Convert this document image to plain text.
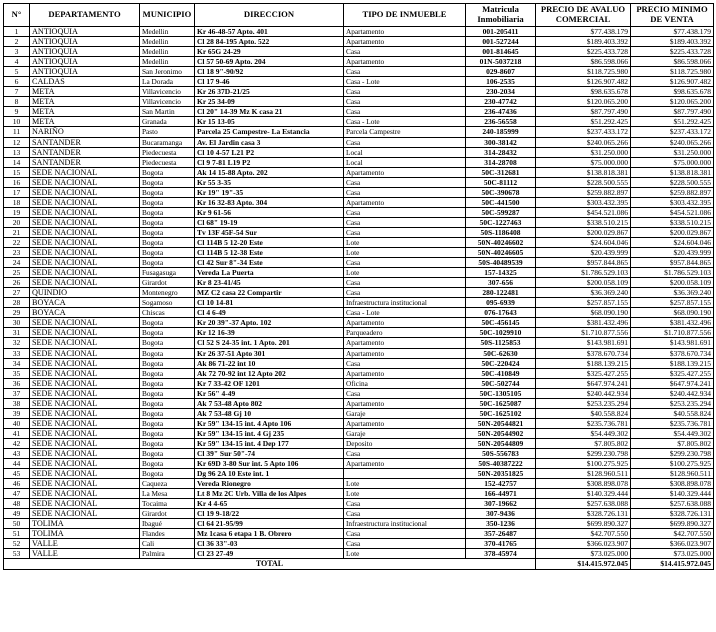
N°	DEPARTAMENTO	MUNICIPIO	DIRECCION	TIPO DE INMUEBLE	Matricula Inmobiliaria	PRECIO DE AVALUO COMERCIAL	PRECIO MINIMO DE VENTA
1	ANTIOQUIA	Medellin	Kr 46-48-57 Apto. 401	Apartamento	001-205411	$77.438.179	$77.438.179
2	ANTIOQUIA	Medellin	Cl 28 84-195 Apto. 522	Apartamento	001-527244	$189.403.392	$189.403.392
3	ANTIOQUIA	Medellin	Kr 65G 24-29	Casa	001-814645	$225.433.728	$225.433.728
4	ANTIOQUIA	Medellin	Cl 57 50-69 Apto. 204	Apartamento	01N-5037218	$86.598.066	$86.598.066
5	ANTIOQUIA	San Jeronimo	Cl 18 9"-90/92	Casa	029-8607	$118.725.980	$118.725.980
6	CALDAS	La Dorada	Cl 17 9-46	Casa - Lote	106-2535	$126.907.482	$126.907.482
7	META	Villavicencio	Kr 26 37D-21/25	Casa	230-2034	$98.635.678	$98.635.678
8	META	Villavicencio	Kr 25 34-09	Casa	230-47742	$120.065.200	$120.065.200
9	META	San Martin	Cl 20" 14-39 Mz K casa 21	Casa	236-47436	$87.797.490	$87.797.490
10	META	Granada	Kr 15 13-05	Casa - Lote	236-56558	$51.292.425	$51.292.425
11	NARIÑO	Pasto	Parcela 25 Campestre- La Estancia	Parcela Campestre	240-185999	$237.433.172	$237.433.172
12	SANTANDER	Bucaramanga	Av. El Jardin casa 3	Casa	300-38142	$240.065.266	$240.065.266
13	SANTANDER	Piedecuesta	Cl 10 4-57 L21 P2	Local	314-28432	$31.250.000	$31.250.000
14	SANTANDER	Piedecuesta	Cl 9 7-81 L19 P2	Local	314-28708	$75.000.000	$75.000.000
15	SEDE NACIONAL	Bogota	Ak 14 15-88 Apto. 202	Apartamento	50C-312681	$138.818.381	$138.818.381
16	SEDE NACIONAL	Bogota	Kr 55 3-35	Casa	50C-81112	$228.500.555	$228.500.555
17	SEDE NACIONAL	Bogota	Kr 19" 19"-35	Casa	50C-390678	$259.882.897	$259.882.897
18	SEDE NACIONAL	Bogota	Kr 16 32-83 Apto. 304	Apartamento	50C-441500	$303.432.395	$303.432.395
19	SEDE NACIONAL	Bogota	Kr 9 61-56	Casa	50C-599287	$454.521.086	$454.521.086
20	SEDE NACIONAL	Bogota	Cl 68" 19-19	Casa	50C-1227463	$338.510.215	$338.510.215
21	SEDE NACIONAL	Bogota	Tv 13F 45F-54 Sur	Casa	50S-1186408	$200.029.867	$200.029.867
22	SEDE NACIONAL	Bogota	Cl 114B 5 12-20 Este	Lote	50N-40246602	$24.604.046	$24.604.046
23	SEDE NACIONAL	Bogota	Cl 114B 5 12-38 Este	Lote	50N-40246605	$20.439.999	$20.439.999
24	SEDE NACIONAL	Bogota	Cl 42 Sur 8"-34 Este	Casa	50S-40489539	$957.844.865	$957.844.865
25	SEDE NACIONAL	Fusagasuga	Vereda La Puerta	Lote	157-14325	$1.786.529.103	$1.786.529.103
26	SEDE NACIONAL	Girardot	Kr 8 23-41/45	Casa	307-656	$200.058.109	$200.058.109
27	QUINDIO	Montenegro	MZ C2 casa 22 Compartir	Casa	280-122481	$36.369.240	$36.369.240
28	BOYACA	Sogamoso	Cl 10 14-81	Infraestructura institucional	095-6939	$257.857.155	$257.857.155
29	BOYACA	Chiscas	Cl 4 6-49	Casa - Lote	076-17643	$68.090.190	$68.090.190
30	SEDE NACIONAL	Bogota	Kr 20 39"-37 Apto. 102	Apartamento	50C-456145	$381.432.496	$381.432.496
31	SEDE NACIONAL	Bogota	Kr 12 16-39	Parqueadero	50C-1029910	$1.710.877.556	$1.710.877.556
32	SEDE NACIONAL	Bogota	Cl 52 S 24-35 int. 1 Apto. 201	Apartamento	50S-1125853	$143.981.691	$143.981.691
33	SEDE NACIONAL	Bogota	Kr 26 37-51 Apto 301	Apartamento	50C-62630	$378.670.734	$378.670.734
34	SEDE NACIONAL	Bogota	Ak 86 71-22 int 10	Casa	50C-220424	$188.139.215	$188.139.215
35	SEDE NACIONAL	Bogota	Ak 72 70-92 int 12 Apto 202	Apartamento	50C-410849	$325.427.255	$325.427.255
36	SEDE NACIONAL	Bogota	Kr 7 33-42 OF 1201	Oficina	50C-502744	$647.974.241	$647.974.241
37	SEDE NACIONAL	Bogota	Kr 56" 4-49	Casa	50C-1305105	$240.442.934	$240.442.934
38	SEDE NACIONAL	Bogota	Ak 7 53-48 Apto 802	Apartamento	50C-1625087	$253.235.294	$253.235.294
39	SEDE NACIONAL	Bogota	Ak 7 53-48 Gj 10	Garaje	50C-1625102	$40.558.824	$40.558.824
40	SEDE NACIONAL	Bogota	Kr 59" 134-15 int. 4 Apto 106	Apartamento	50N-20544821	$235.736.781	$235.736.781
41	SEDE NACIONAL	Bogota	Kr 59" 134-15 int. 4 Gj 235	Garaje	50N-20544902	$54.449.302	$54.449.302
42	SEDE NACIONAL	Bogota	Kr 59" 134-15 int. 4 Dep 177	Deposito	50N-20544809	$7.805.802	$7.805.802
43	SEDE NACIONAL	Bogota	Cl 39" Sur 50"-74	Casa	50S-556783	$299.230.798	$299.230.798
44	SEDE NACIONAL	Bogota	Kr 69D 3-80 Sur int. 5 Apto 106	Apartamento	50S-40387222	$100.275.925	$100.275.925
45	SEDE NACIONAL	Bogota	Dg 96 2A 10 Este int. 1		50N-20351825	$128.960.511	$128.960.511
46	SEDE NACIONAL	Caqueza	Vereda Rionegro	Lote	152-42757	$308.898.078	$308.898.078
47	SEDE NACIONAL	La Mesa	Lt 8 Mz 2C Urb. Villa de los Alpes	Lote	166-44971	$140.329.444	$140.329.444
48	SEDE NACIONAL	Tocaima	Kr 4 4-65	Casa	307-19662	$257.638.088	$257.638.088
49	SEDE NACIONAL	Girardot	Cl 19 9-18/22	Casa	307-9436	$328.726.131	$328.726.131
50	TOLIMA	Ibagué	Cl 64 21-95/99	Infraestructura institucional	350-1236	$699.890.327	$699.890.327
51	TOLIMA	Flandes	Mz 1casa 6 etapa 1 B. Obrero	Casa	357-26487	$42.707.550	$42.707.550
52	VALLE	Cali	Cl 36 33"-03	Casa	370-41765	$366.023.907	$366.023.907
53	VALLE	Palmira	Cl 23 27-49	Lote	378-45974	$73.025.000	$73.025.000
TOTAL						$14.415.972.045	$14.415.972.045
